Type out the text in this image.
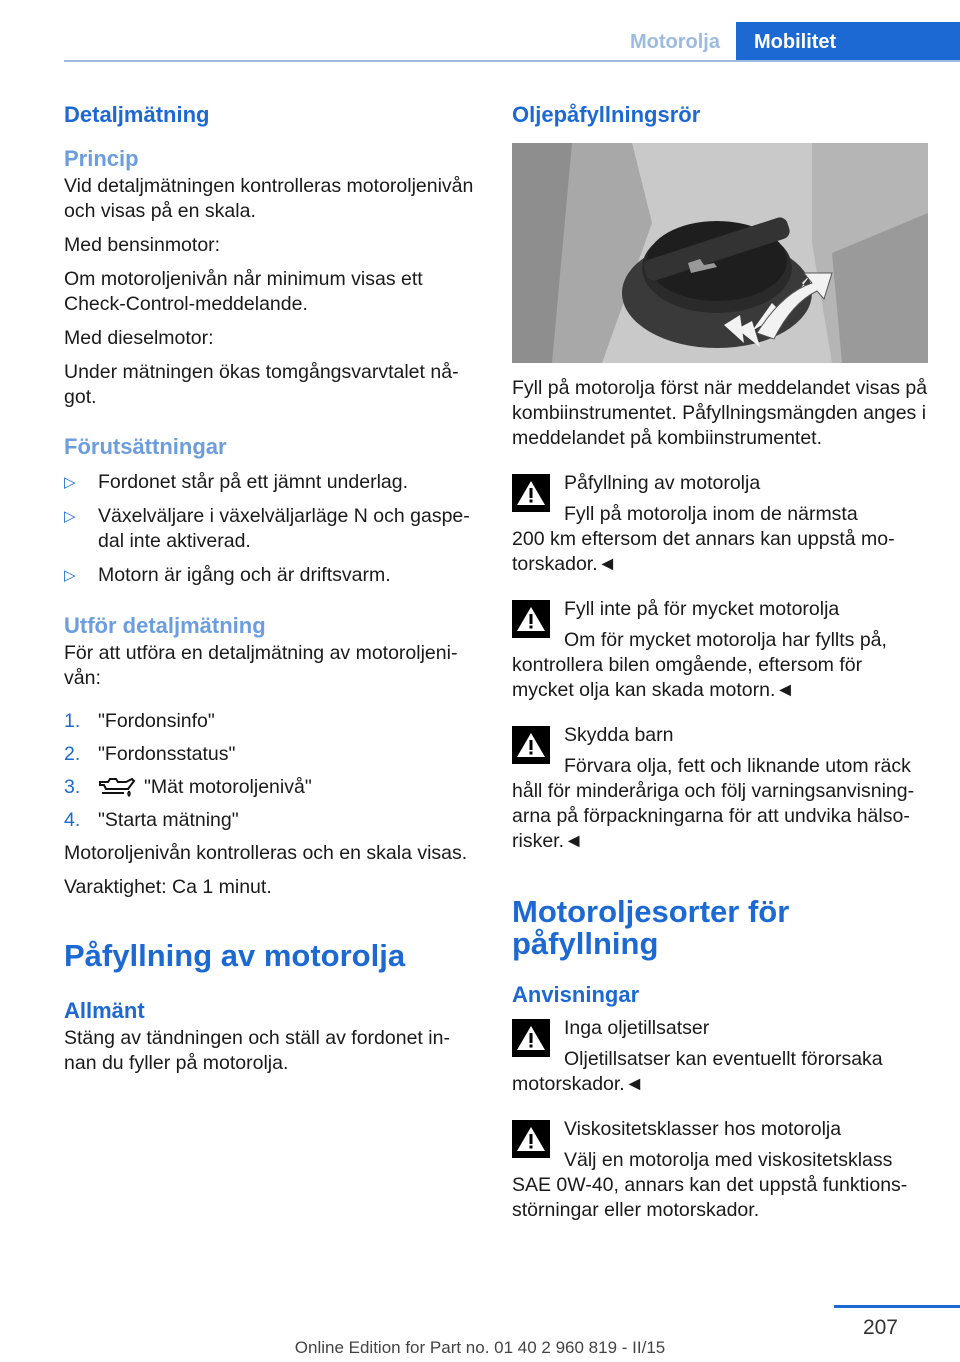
Motorolja	Mobilitet
Detaljmätning
Princip

Vid detaljmätningen kontrolleras motoroljenivån och visas på en skala.

Med bensinmotor:

Om motoroljenivån når minimum visas ett Check-Control-meddelande.

Med dieselmotor:

Under mätningen ökas tomgångsvarvtalet något.

Förutsättningar
▷ Fordonet står på ett jämnt underlag.
▷ Växelväljare i växelväljarläge N och gaspedal inte aktiverad.
▷ Motorn är igång och är driftsvarm.
Utför detaljmätning

För att utföra en detaljmätning av motoroljenivån:

1. "Fordonsinfo"
2. "Fordonsstatus"
3.	"Mät motoroljenivå"
4. "Starta mätning"

Motoroljenivån kontrolleras och en skala visas.

Varaktighet: Ca 1 minut.

Påfyllning av motorolja
Allmänt

Stäng av tändningen och ställ av fordonet innan du fyller på motorolja.

Oljepåfyllningsrör

Fyll på motorolja först när meddelandet visas på kombiinstrumentet. Påfyllningsmängden anges i meddelandet på kombiinstrumentet.

Påfyllning av motorolja

Fyll på motorolja inom de närmsta

200 km eftersom det annars kan uppstå motorskador.◄

Fyll inte på för mycket motorolja

Om för mycket motorolja har fyllts på,

kontrollera bilen omgående, eftersom för mycket olja kan skada motorn.◄

Skydda barn

Förvara olja, fett och liknande utom räck

håll för minderåriga och följ varningsanvisningarna på förpackningarna för att undvika hälsorisker.◄

Motoroljesorter för påfyllning
Anvisningar

Inga oljetillsatser

Oljetillsatser kan eventuellt förorsaka

motorskador.◄

Viskositetsklasser hos motorolja

Välj en motorolja med viskositetsklass

SAE 0W-40, annars kan det uppstå funktionsstörningar eller motorskador.

207
Online Edition for Part no. 01 40 2 960 819 - II/15
